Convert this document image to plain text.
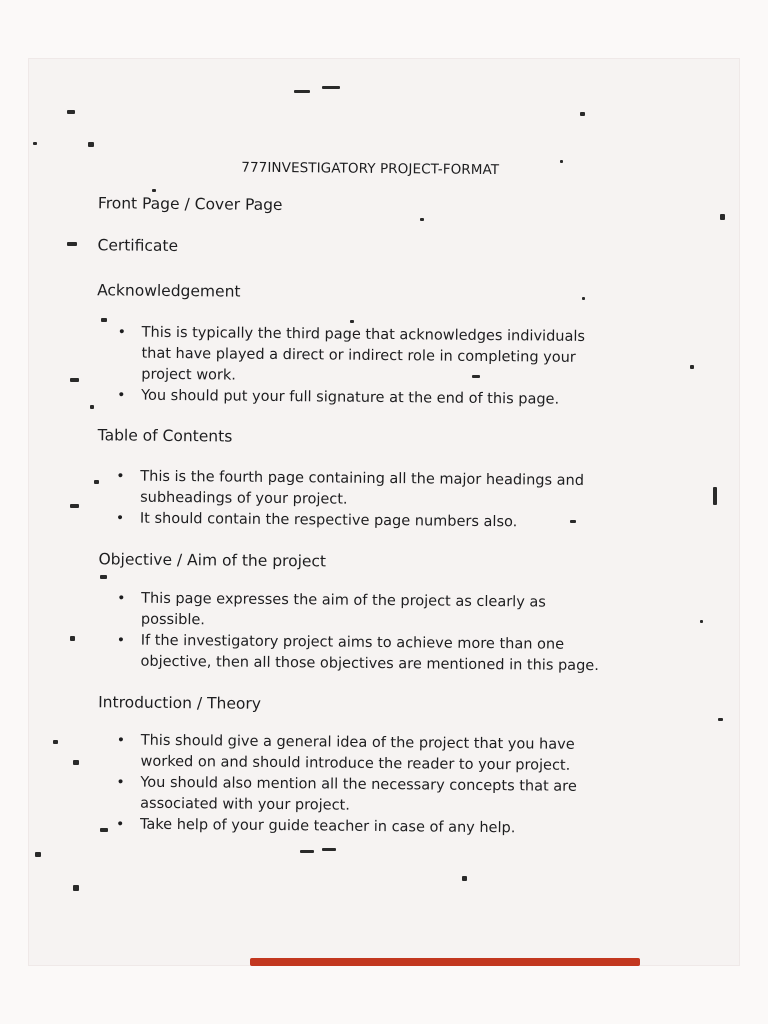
777INVESTIGATORY PROJECT-FORMAT
Front Page / Cover Page
Certificate
Acknowledgement
• This is typically the third page that acknowledges individuals
that have played a direct or indirect role in completing your
project work.
• You should put your full signature at the end of this page.
Table of Contents
• This is the fourth page containing all the major headings and
subheadings of your project.
• It should contain the respective page numbers also.
Objective / Aim of the project
• This page expresses the aim of the project as clearly as
possible.
• If the investigatory project aims to achieve more than one
objective, then all those objectives are mentioned in this page.
Introduction / Theory
• This should give a general idea of the project that you have
worked on and should introduce the reader to your project.
• You should also mention all the necessary concepts that are
associated with your project.
• Take help of your guide teacher in case of any help.
